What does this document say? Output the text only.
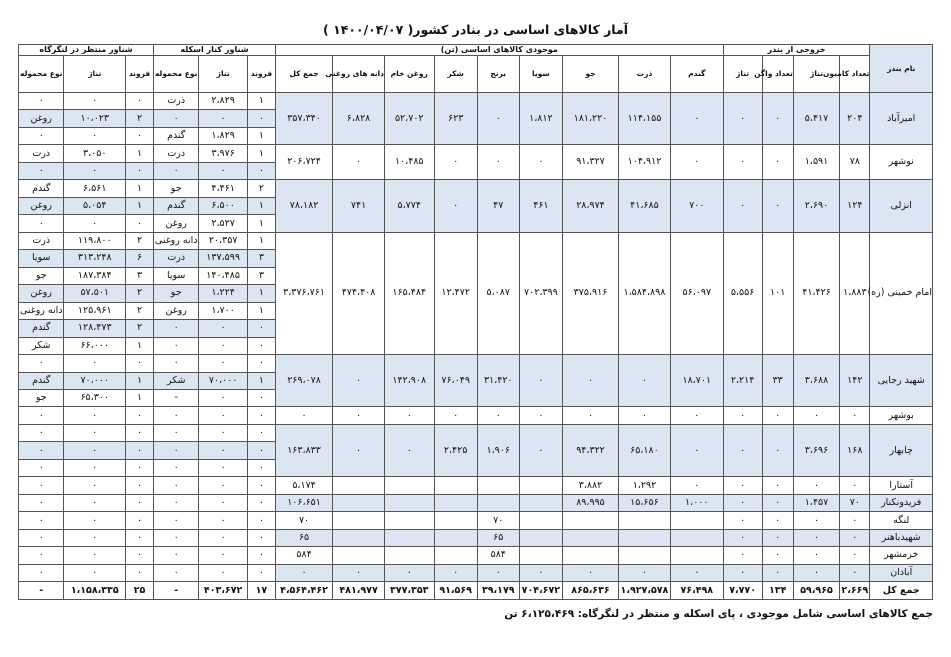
آمار کالاهای اساسی در بنادر کشور( ۱۴۰۰/۰۴/۰۷ )
نام بندر	خروجی از بندر				موجودی کالاهای اساسی (تن)									شناور کنار اسکله			شناور منتظر در لنگرگاه		
	تعداد کامیون	تناژ	تعداد واگن	تناژ	گندم	ذرت	جو	سویا	برنج	شکر	روغن خام	دانه های روغنی	جمع کل	فروند	تناژ	نوع محموله	فروند	تناژ	نوع محموله
امیرآباد	۲۰۴	۵،۴۱۷	۰	۰	۰	۱۱۴،۱۵۵	۱۸۱،۲۲۰	۱،۸۱۲	۰	۶۲۳	۵۲،۷۰۲	۶،۸۲۸	۳۵۷،۳۴۰	۱	۲،۸۲۹	ذرت	۰	۰	۰
														۰	۰	۰	۲	۱۰،۰۲۳	روغن
														۱	۱،۸۲۹	گندم	۰	۰	۰
نوشهر	۷۸	۱،۵۹۱	۰	۰	۰	۱۰۴،۹۱۲	۹۱،۳۲۷	۰	۰	۰	۱۰،۴۸۵	۰	۲۰۶،۷۲۴	۱	۳،۹۷۶	ذرت	۱	۳،۰۵۰	ذرت
														۰	۰	۰	۰	۰	۰
انزلی	۱۲۴	۲،۶۹۰	۰	۰	۷۰۰	۴۱،۶۸۵	۲۸،۹۷۴	۴۶۱	۴۷	۰	۵،۷۷۴	۷۴۱	۷۸،۱۸۲	۲	۴،۴۶۱	جو	۱	۶،۵۶۱	گندم
														۱	۶،۵۰۰	گندم	۱	۵،۰۵۴	روغن
														۱	۲،۵۲۷	روغن	۰	۰	۰
امام خمینی (ره)	۱،۸۸۳	۴۱،۴۲۶	۱۰۱	۵،۵۵۶	۵۶،۰۹۷	۱،۵۸۴،۸۹۸	۳۷۵،۹۱۶	۷۰۲،۳۹۹	۵،۰۸۷	۱۲،۴۷۲	۱۶۵،۴۸۴	۴۷۴،۴۰۸	۳،۳۷۶،۷۶۱	۱	۲۰،۳۵۷	دانه روغنی	۲	۱۱۹،۸۰۰	ذرت
														۳	۱۳۷،۵۹۹	ذرت	۶	۳۱۳،۲۴۸	سویا
														۳	۱۴۰،۴۸۵	سویا	۳	۱۸۷،۳۸۴	جو
														۱	۱،۲۲۴	جو	۲	۵۷،۵۰۱	روغن
														۱	۱،۷۰۰	روغن	۲	۱۲۵،۹۶۱	دانه روغنی
														۰	۰	۰	۲	۱۲۸،۴۷۳	گندم
														۰	۰	۰	۱	۶۶،۰۰۰	شکر
شهید رجایی	۱۴۲	۳،۶۸۸	۳۳	۲،۲۱۴	۱۸،۷۰۱	۰	۰	۰	۳۱،۴۲۰	۷۶،۰۴۹	۱۴۲،۹۰۸	۰	۲۶۹،۰۷۸	۰	۰	۰	۰	۰	۰
														۱	۷۰،۰۰۰	شکر	۱	۷۰،۰۰۰	گندم
														۰	۰	-	۱	۶۵،۳۰۰	جو
بوشهر	۰	۰	۰	۰	۰	۰	۰	۰	۰	۰	۰	۰	۰	۰	۰	۰	۰	۰	۰
چابهار	۱۶۸	۳،۶۹۶	۰	۰	۰	۶۵،۱۸۰	۹۴،۳۲۲	۰	۱،۹۰۶	۲،۴۲۵	۰	۰	۱۶۳،۸۳۳	۰	۰	۰	۰	۰	۰
														۰	۰	۰	۰	۰	۰
														۰	۰	۰	۰	۰	۰
آستارا	۰	۰	۰	۰	۰	۱،۲۹۲	۳،۸۸۲						۵،۱۷۴	۰	۰	۰	۰	۰	۰
فریدونکنار	۷۰	۱،۴۵۷	۰	۰	۱،۰۰۰	۱۵،۶۵۶	۸۹،۹۹۵						۱۰۶،۶۵۱	۰	۰	۰	۰	۰	۰
لنگه	۰	۰	۰	۰					۷۰				۷۰	۰	۰	۰	۰	۰	۰
شهیدباهنر	۰	۰	۰	۰					۶۵				۶۵	۰	۰	۰	۰	۰	۰
خرمشهر	۰	۰	۰	۰					۵۸۴				۵۸۴	۰	۰	۰	۰	۰	۰
آبادان	۰	۰	۰	۰	۰	۰	۰	۰	۰	۰	۰	۰	۰	۰	۰	۰	۰	۰	۰
جمع کل	۲،۶۶۹	۵۹،۹۶۵	۱۳۴	۷،۷۷۰	۷۶،۴۹۸	۱،۹۲۷،۵۷۸	۸۶۵،۶۳۶	۷۰۴،۶۷۲	۳۹،۱۷۹	۹۱،۵۶۹	۳۷۷،۳۵۳	۴۸۱،۹۷۷	۴،۵۶۴،۴۶۲	۱۷	۴۰۳،۶۷۲	-	۲۵	۱،۱۵۸،۳۳۵	-
جمع کالاهای اساسی شامل موجودی ، پای اسکله و منتظر در لنگرگاه: ۶،۱۲۵،۴۶۹ تن
